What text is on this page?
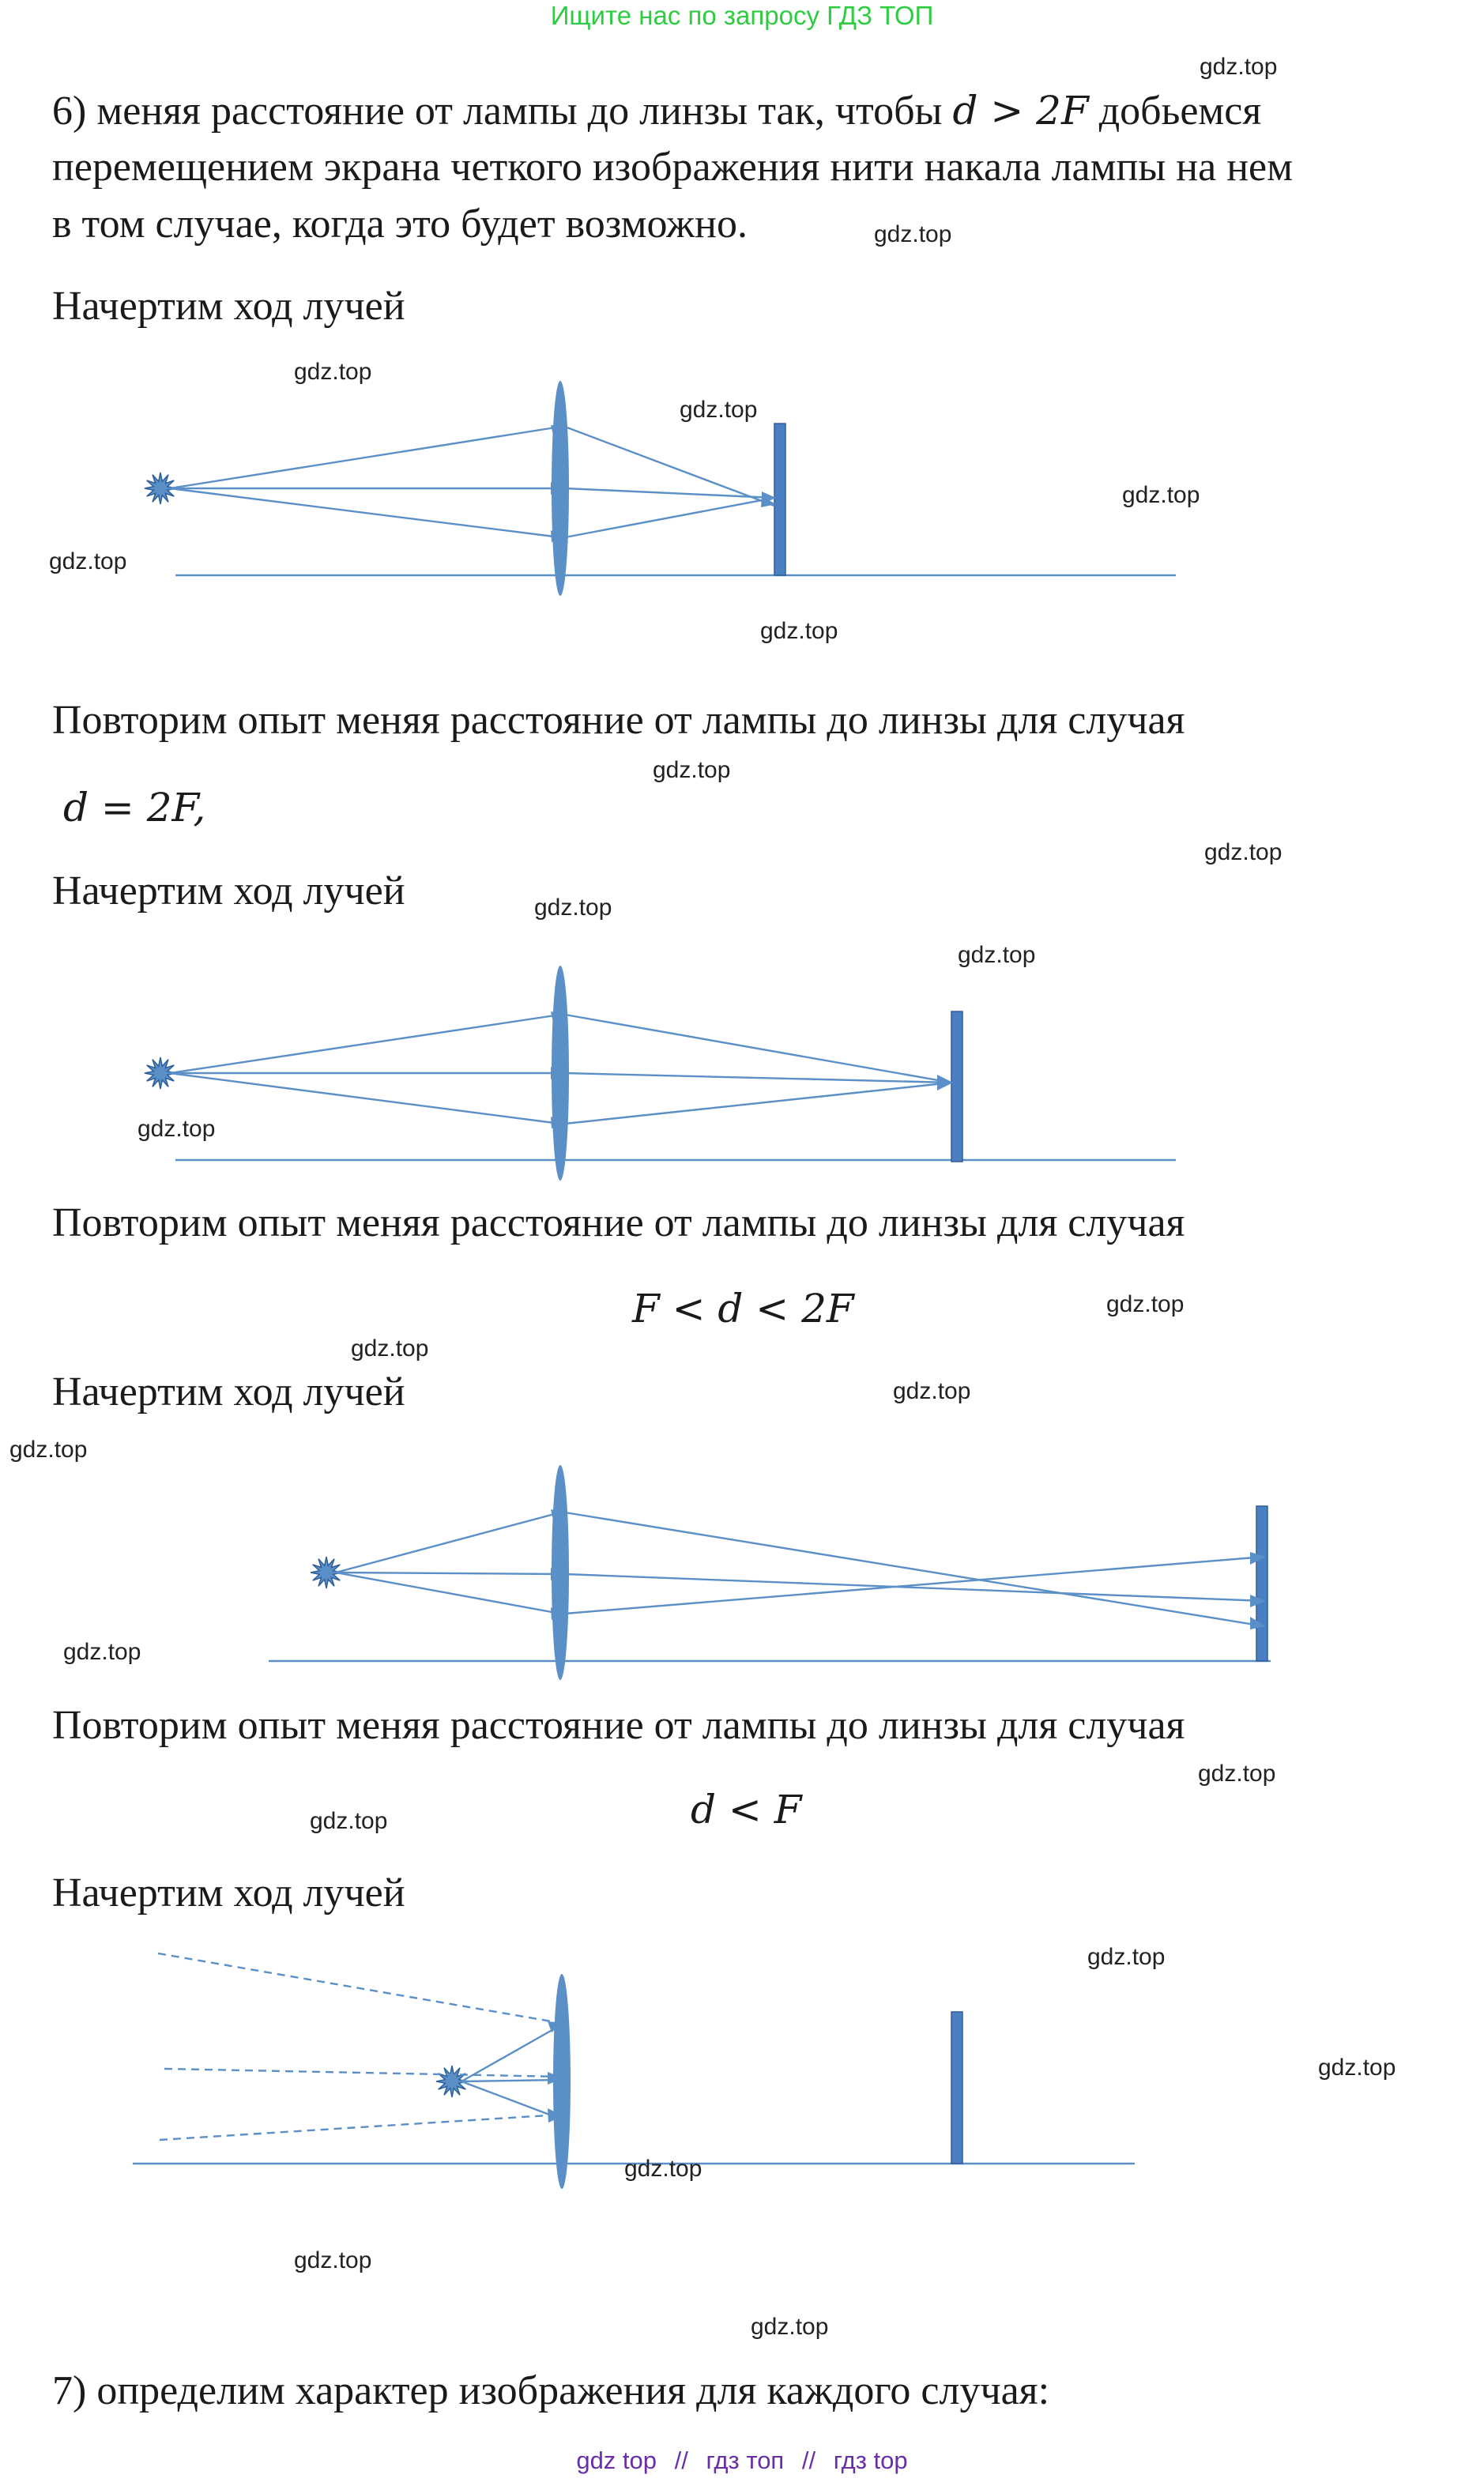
Ищите нас по запросу ГДЗ ТОП
6) меняя расстояние от лампы до линзы так, чтобы d > 2F добьемся
перемещением экрана четкого изображения нити накала лампы на нем
в том случае, когда это будет возможно.
Начертим ход лучей
Повторим опыт меняя расстояние от лампы до линзы для случая
d = 2F,
Начертим ход лучей
Повторим опыт меняя расстояние от лампы до линзы для случая
F < d < 2F
Начертим ход лучей
Повторим опыт меняя расстояние от лампы до линзы для случая
d < F
Начертим ход лучей
7) определим характер изображения для каждого случая:
gdz.top
gdz.top
gdz.top
gdz.top
gdz.top
gdz.top
gdz.top
gdz.top
gdz.top
gdz.top
gdz.top
gdz.top
gdz.top
gdz.top
gdz.top
gdz.top
gdz.top
gdz.top
gdz.top
gdz.top
gdz.top
gdz.top
gdz.top
gdz.top
gdz top // гдз топ // гдз top
